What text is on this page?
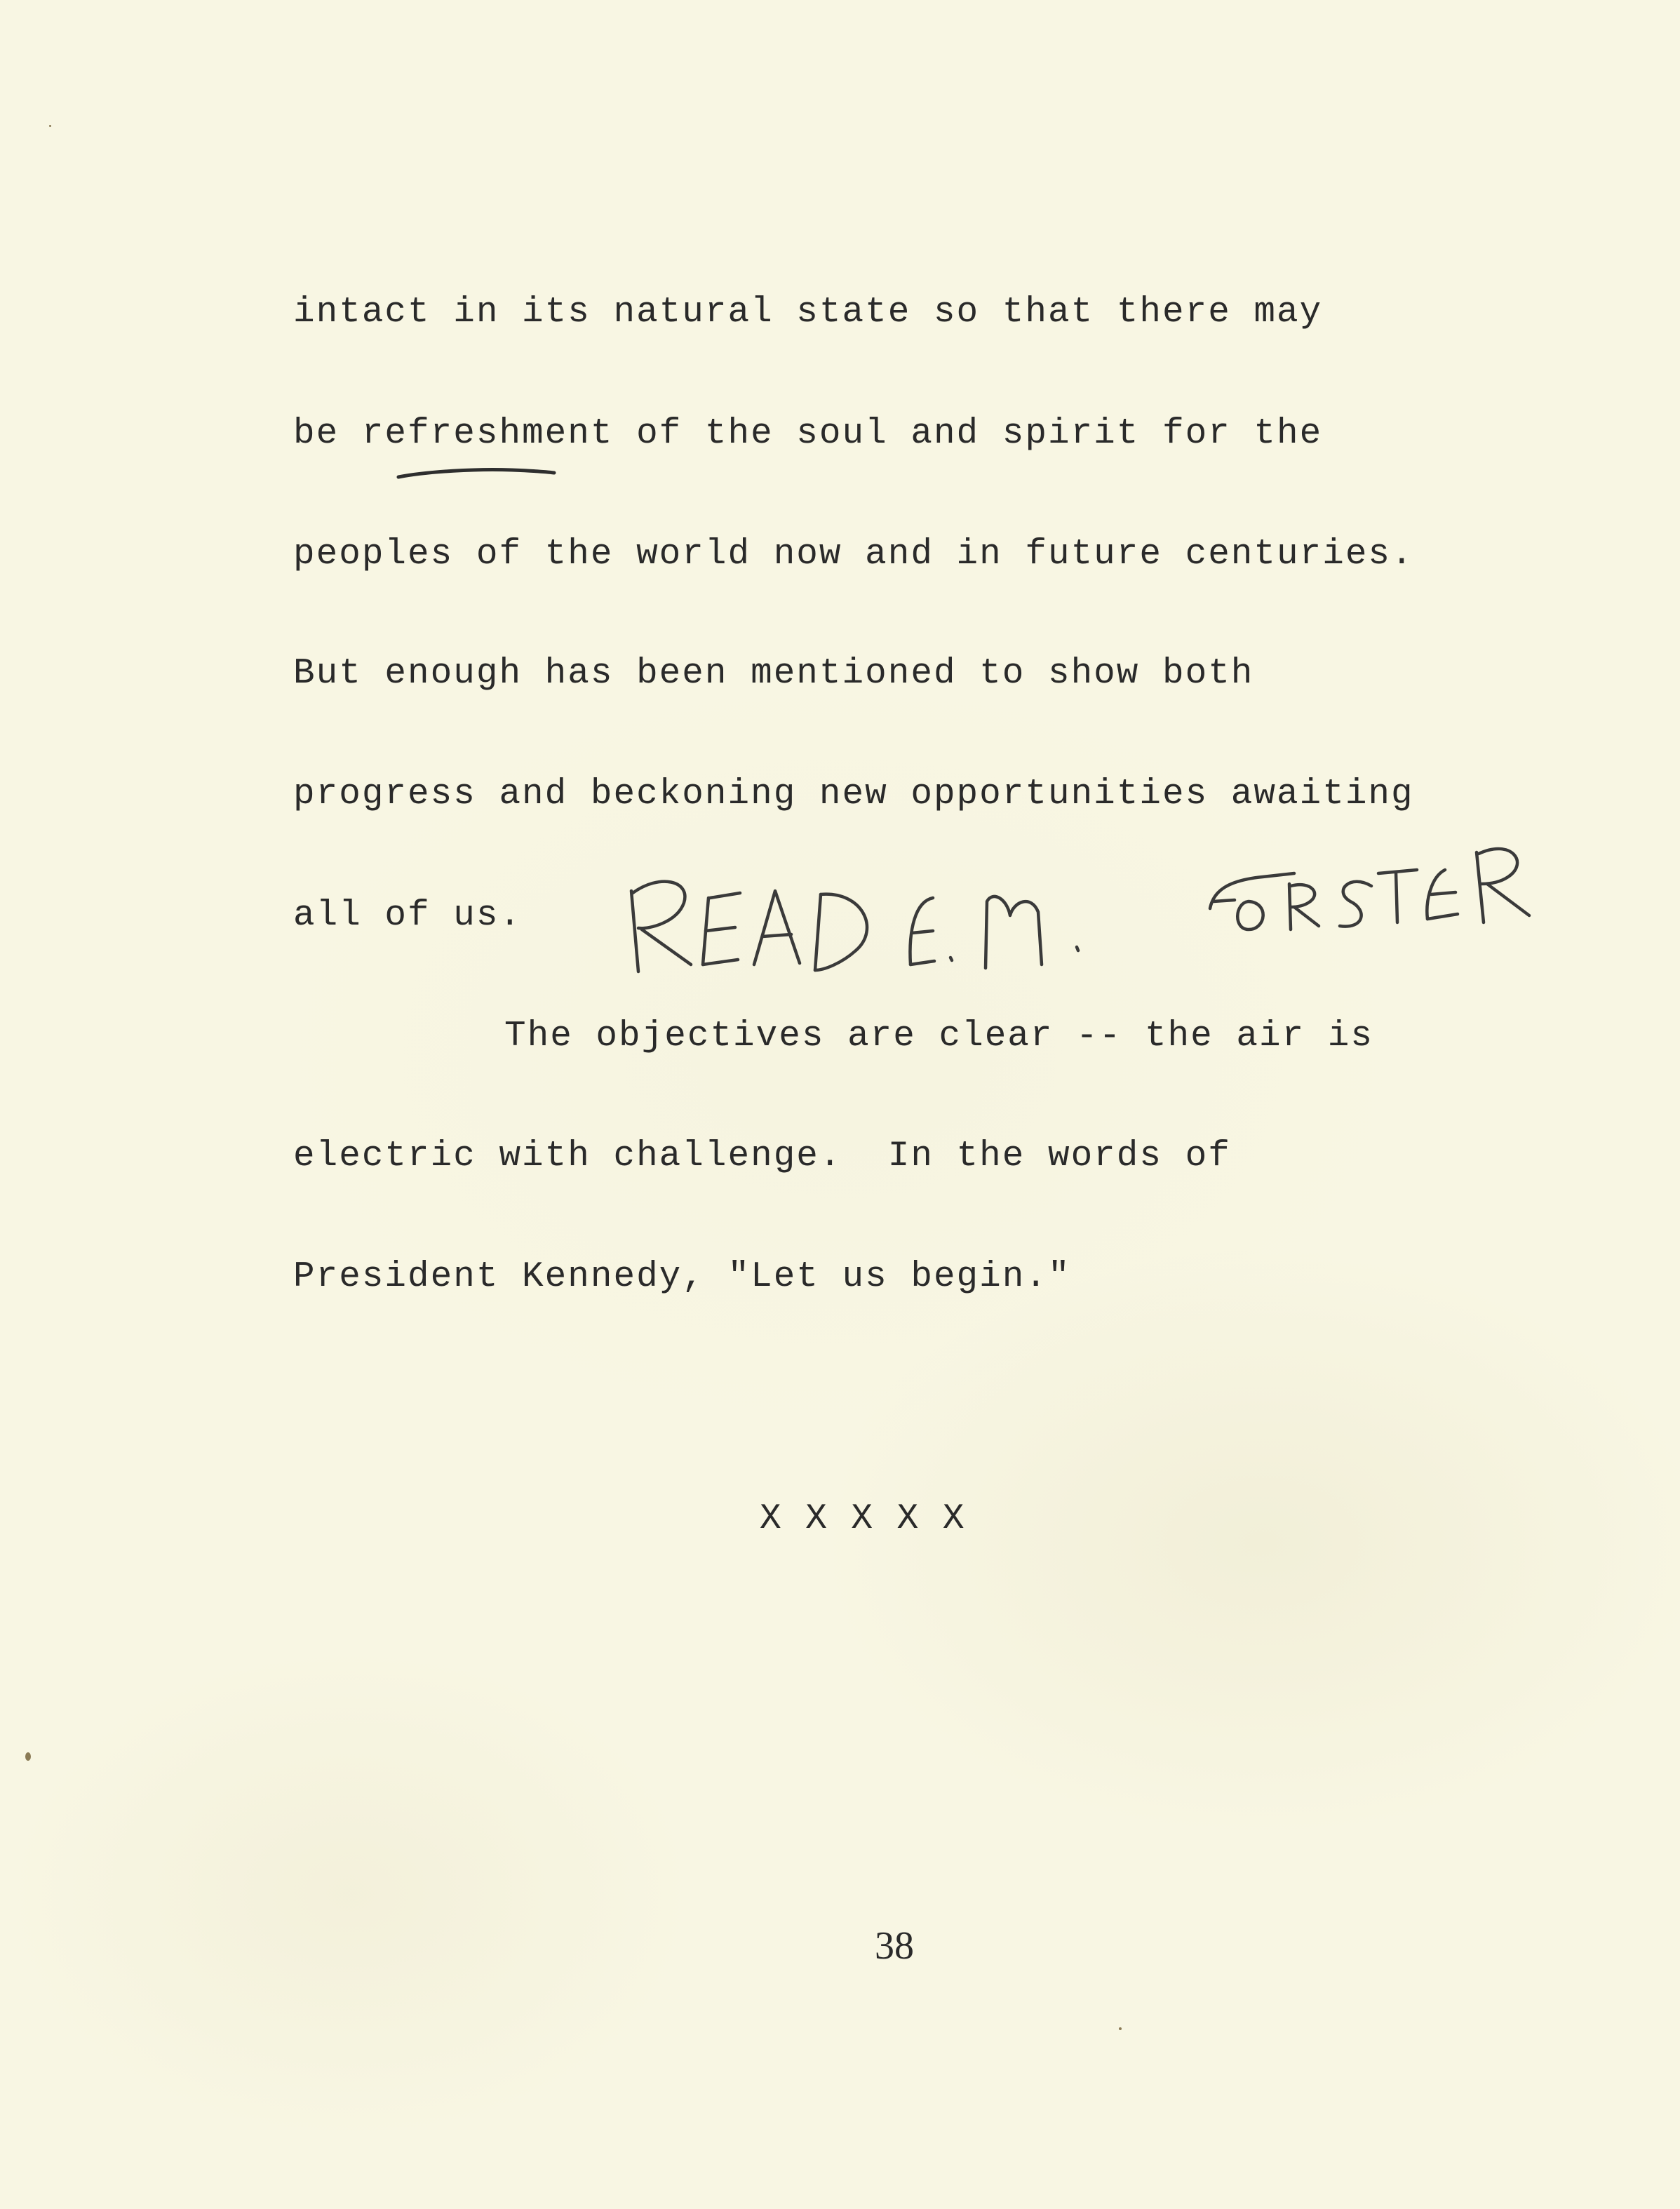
intact in its natural state so that there may

be refreshment of the soul and spirit for the

peoples of the world now and in future centuries.

But enough has been mentioned to show both

progress and beckoning new opportunities awaiting

all of us.

The objectives are clear -- the air is

electric with challenge.  In the words of

President Kennedy, "Let us begin."

X X X X X

38
